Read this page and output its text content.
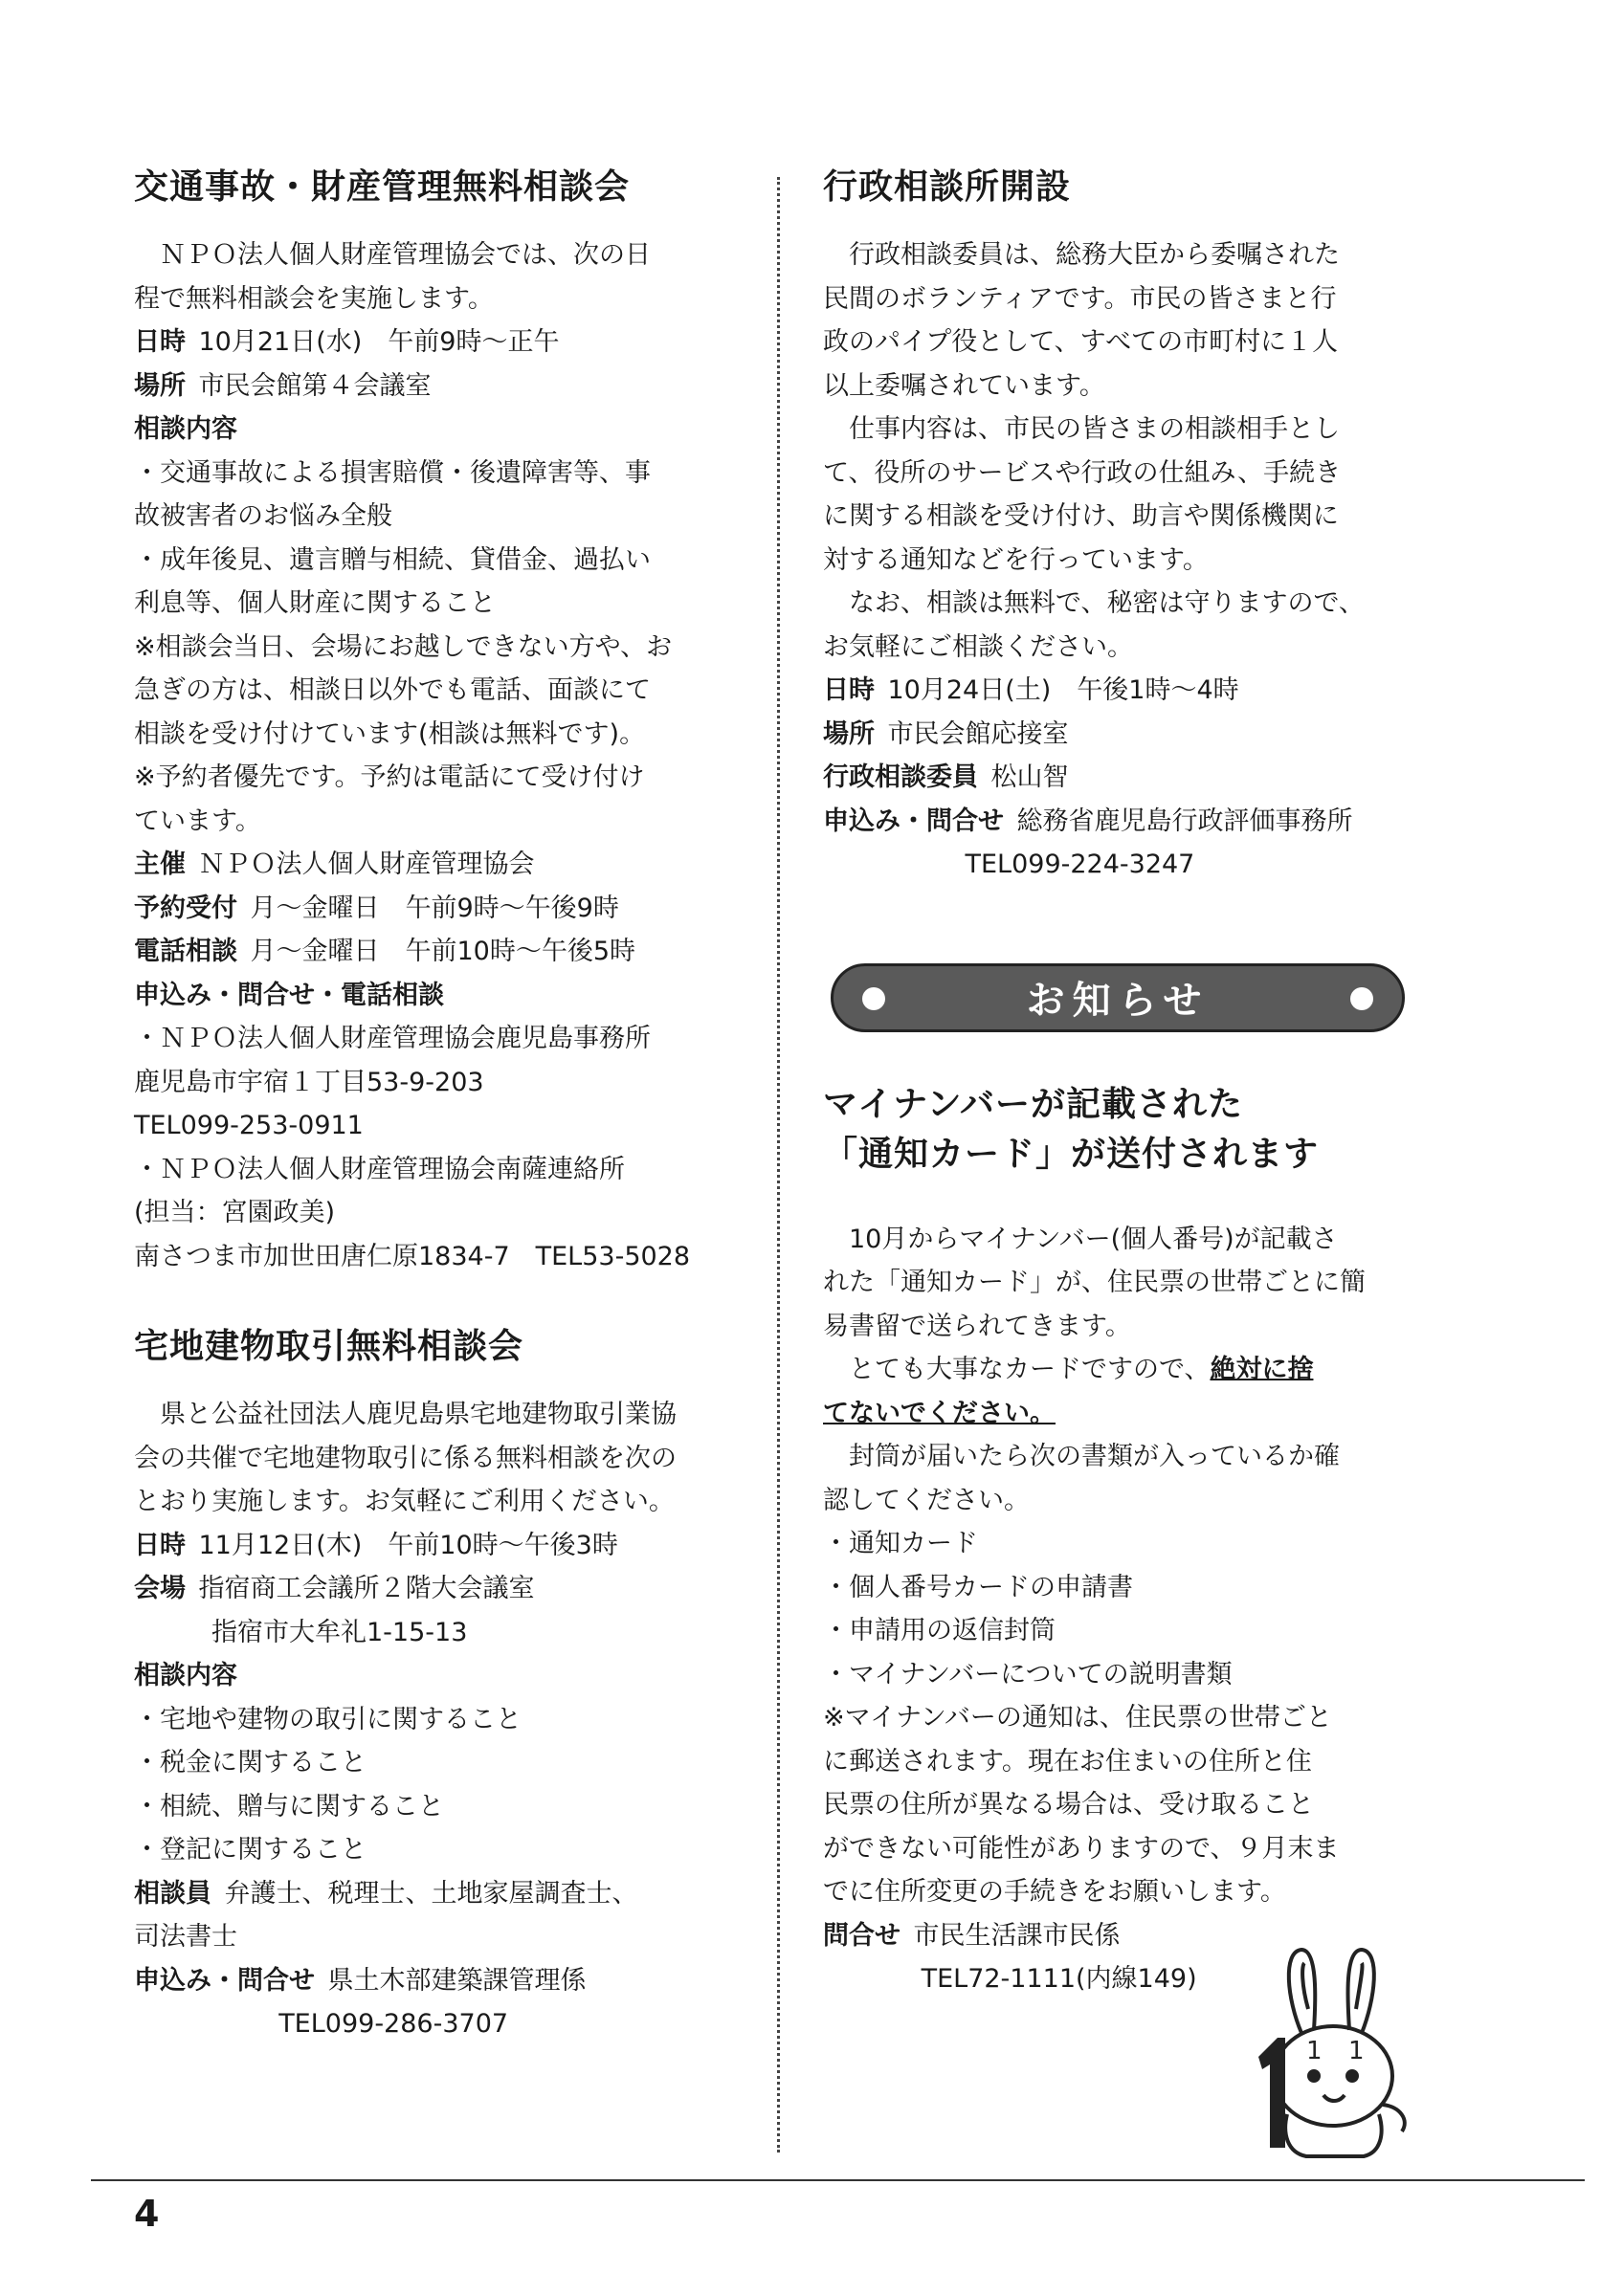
交通事故・財産管理無料相談会

ＮＰＯ法人個人財産管理協会では、次の日

程で無料相談会を実施します。

日時 10月21日(水)　午前9時～正午

場所 市民会館第４会議室

相談内容

・交通事故による損害賠償・後遺障害等、事
故被害者のお悩み全般
・成年後見、遺言贈与相続、貸借金、過払い
利息等、個人財産に関すること
※相談会当日、会場にお越しできない方や、お
急ぎの方は、相談日以外でも電話、面談にて
相談を受け付けています(相談は無料です)。
※予約者優先です。予約は電話にて受け付け
ています。

主催 ＮＰＯ法人個人財産管理協会

予約受付 月～金曜日　午前9時～午後9時

電話相談 月～金曜日　午前10時～午後5時

申込み・問合せ・電話相談

・ＮＰＯ法人個人財産管理協会鹿児島事務所
鹿児島市宇宿１丁目53-9-203
TEL099-253-0911
・ＮＰＯ法人個人財産管理協会南薩連絡所
(担当：宮園政美)
南さつま市加世田唐仁原1834-7　TEL53-5028
宅地建物取引無料相談会

県と公益社団法人鹿児島県宅地建物取引業協

会の共催で宅地建物取引に係る無料相談を次の

とおり実施します。お気軽にご利用ください。

日時 11月12日(木)　午前10時～午後3時

会場 指宿商工会議所２階大会議室

指宿市大牟礼1-15-13

相談内容

・宅地や建物の取引に関すること

・税金に関すること

・相続、贈与に関すること

・登記に関すること

相談員 弁護士、税理士、土地家屋調査士、

司法書士

申込み・問合せ 県土木部建築課管理係

TEL099-286-3707

行政相談所開設

行政相談委員は、総務大臣から委嘱された

民間のボランティアです。市民の皆さまと行

政のパイプ役として、すべての市町村に１人

以上委嘱されています。

仕事内容は、市民の皆さまの相談相手とし

て、役所のサービスや行政の仕組み、手続き

に関する相談を受け付け、助言や関係機関に

対する通知などを行っています。

なお、相談は無料で、秘密は守りますので、

お気軽にご相談ください。

日時 10月24日(土)　午後1時～4時

場所 市民会館応接室

行政相談委員 松山智

申込み・問合せ 総務省鹿児島行政評価事務所

TEL099-224-3247

お知らせ
マイナンバーが記載された
「通知カード」が送付されます

10月からマイナンバー(個人番号)が記載さ

れた「通知カード」が、住民票の世帯ごとに簡

易書留で送られてきます。

とても大事なカードですので、絶対に捨

てないでください。

封筒が届いたら次の書類が入っているか確

認してください。

・通知カード

・個人番号カードの申請書

・申請用の返信封筒

・マイナンバーについての説明書類

※マイナンバーの通知は、住民票の世帯ごと
に郵送されます。現在お住まいの住所と住
民票の住所が異なる場合は、受け取ること
ができない可能性がありますので、９月末ま
でに住所変更の手続きをお願いします。

問合せ 市民生活課市民係

TEL72-1111(内線149)

1 1
4
